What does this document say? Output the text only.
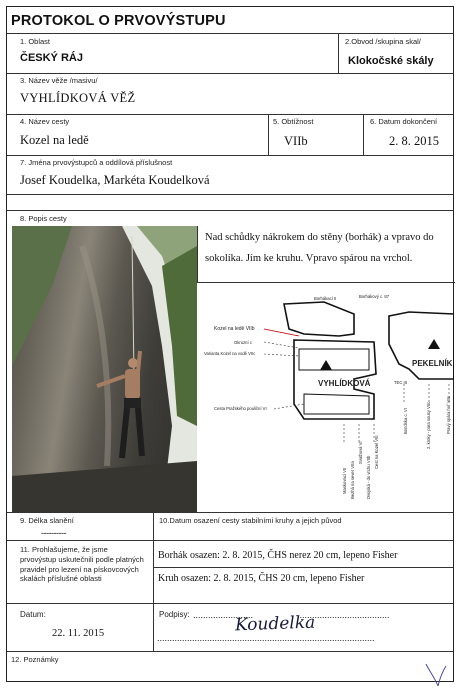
PROTOKOL O PRVOVÝSTUPU
1. Oblast
ČESKÝ RÁJ
2.Obvod /skupina skal/
Klokočské skály
3. Název věže /masivu/
VYHLÍDKOVÁ VĚŽ
4. Název cesty
Kozel na ledě
5. Obtížnost
VIIb
6. Datum dokončení
2. 8. 2015
7. Jména prvovýstupců a oddílová příslušnost
Josef Koudelka, Markéta Koudelková
8. Popis cesty
Nad schůdky nákrokem do stěny (borhák) a vpravo do
sokolíka. Jím ke kruhu. Vpravo spárou na vrchol.
VYHLÍDKOVÁ
PEKELNÍK
Kozel na ledě VIIb
Borhákací II
Okruzní c
Varianta Kozel na vodě VIIc
Cesta Pražského pouliční VI
Borhákový c. 87
TEC III
Maskovací VII Bezhá na sever VIIa
Svatbová VI
Dvojská - do vrchu VIIb
Cest na Kozel VIII
Bondska c. VI	2. kroky - para sousy VIIc	Pravý spára hoř VIIc
9. Délka slanění
----------
10.Datum osazení cesty stabilními kruhy a jejich původ
11. Prohlašujeme, že jsme prvovýstup uskutečnili podle platných pravidel pro lezení na pískovcových skalách příslušné oblasti
Borhák osazen: 2. 8. 2015, ČHS nerez 20 cm, lepeno Fisher
Kruh osazen: 2. 8. 2015, ČHS 20 cm, lepeno Fisher
Datum:
22. 11. 2015
Podpisy: ........................	.....................................
.......................................................................................
Koudelka
12. Poznámky
